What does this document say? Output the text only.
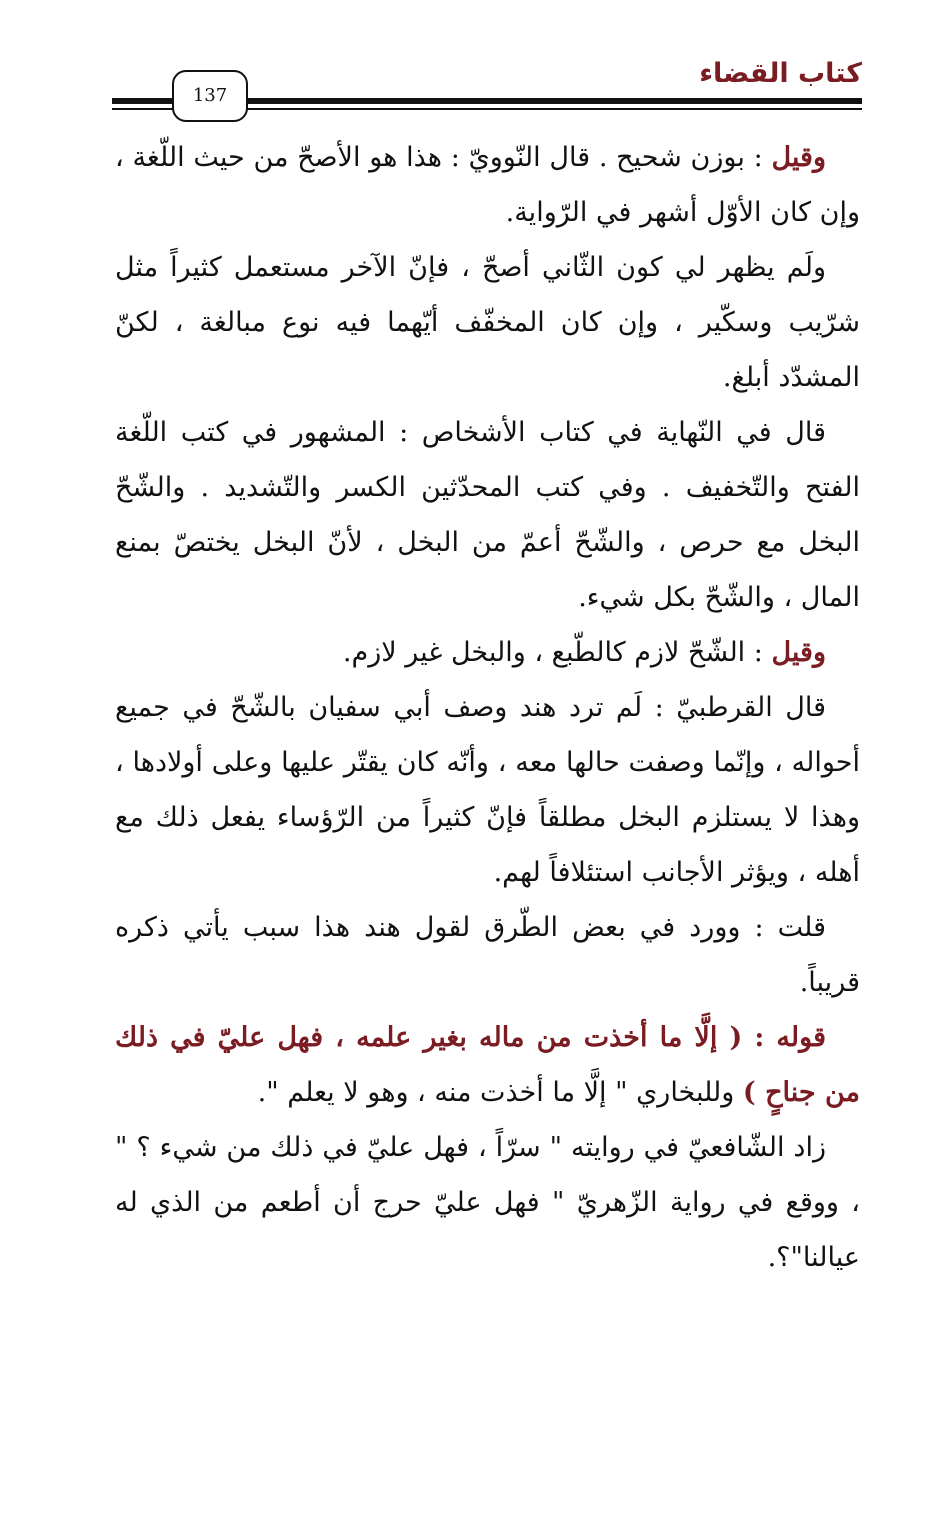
كتاب القضاء
137

وقيل : بوزن شحيح . قال النّوويّ : هذا هو الأصحّ من حيث اللّغة ، وإن كان الأوّل أشهر في الرّواية.

ولَم يظهر لي كون الثّاني أصحّ ، فإنّ الآخر مستعمل كثيراً مثل شرّيب وسكّير ، وإن كان المخفّف أيّهما فيه نوع مبالغة ، لكنّ المشدّد أبلغ.

قال في النّهاية في كتاب الأشخاص : المشهور في كتب اللّغة الفتح والتّخفيف . وفي كتب المحدّثين الكسر والتّشديد . والشّحّ البخل مع حرص ، والشّحّ أعمّ من البخل ، لأنّ البخل يختصّ بمنع المال ، والشّحّ بكل شيء.

وقيل : الشّحّ لازم كالطّبع ، والبخل غير لازم.

قال القرطبيّ : لَم ترد هند وصف أبي سفيان بالشّحّ في جميع أحواله ، وإنّما وصفت حالها معه ، وأنّه كان يقتّر عليها وعلى أولادها ، وهذا لا يستلزم البخل مطلقاً فإنّ كثيراً من الرّؤساء يفعل ذلك مع أهله ، ويؤثر الأجانب استئلافاً لهم.

قلت : وورد في بعض الطّرق لقول هند هذا سبب يأتي ذكره قريباً.

قوله : ( إلَّا ما أخذت من ماله بغير علمه ، فهل عليّ في ذلك من جناحٍ ) وللبخاري " إلَّا ما أخذت منه ، وهو لا يعلم ".

زاد الشّافعيّ في روايته " سرّاً ، فهل عليّ في ذلك من شيء ؟ " ، ووقع في رواية الزّهريّ " فهل عليّ حرج أن أطعم من الذي له عيالنا"؟.
